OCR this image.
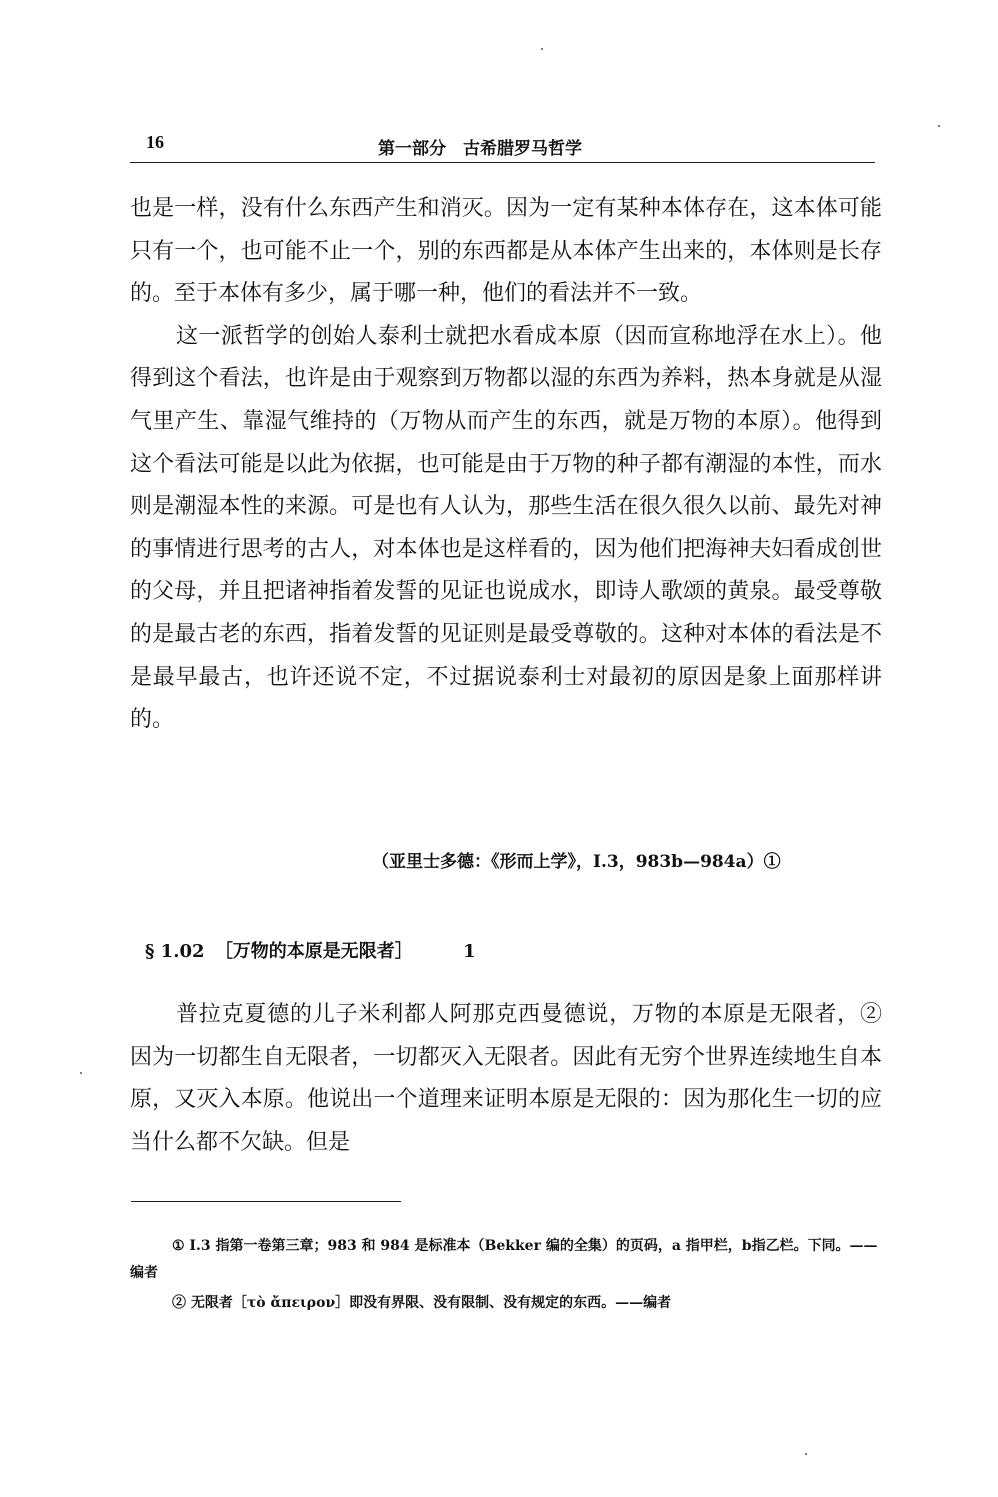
16	第一部分　古希腊罗马哲学

也是一样，没有什么东西产生和消灭。因为一定有某种本体存在，这本体可能只有一个，也可能不止一个，别的东西都是从本体产生出来的，本体则是长存的。至于本体有多少，属于哪一种，他们的看法并不一致。

这一派哲学的创始人泰利士就把水看成本原（因而宣称地浮在水上）。他得到这个看法，也许是由于观察到万物都以湿的东西为养料，热本身就是从湿气里产生、靠湿气维持的（万物从而产生的东西，就是万物的本原）。他得到这个看法可能是以此为依据，也可能是由于万物的种子都有潮湿的本性，而水则是潮湿本性的来源。可是也有人认为，那些生活在很久很久以前、最先对神的事情进行思考的古人，对本体也是这样看的，因为他们把海神夫妇看成创世的父母，并且把诸神指着发誓的见证也说成水，即诗人歌颂的黄泉。最受尊敬的是最古老的东西，指着发誓的见证则是最受尊敬的。这种对本体的看法是不是最早最古，也许还说不定，不过据说泰利士对最初的原因是象上面那样讲的。

（亚里士多德：《形而上学》，Ⅰ.3，983b—984a）①
§ 1.02 ［万物的本原是无限者］	1

普拉克夏德的儿子米利都人阿那克西曼德说，万物的本原是无限者，② 因为一切都生自无限者，一切都灭入无限者。因此有无穷个世界连续地生自本原，又灭入本原。他说出一个道理来证明本原是无限的：因为那化生一切的应当什么都不欠缺。但是

① Ⅰ.3 指第一卷第三章；983 和 984 是标准本（Bekker 编的全集）的页码，a 指甲栏，b指乙栏。下同。——编者
② 无限者［τὸ ἄπειρον］即没有界限、没有限制、没有规定的东西。——编者
